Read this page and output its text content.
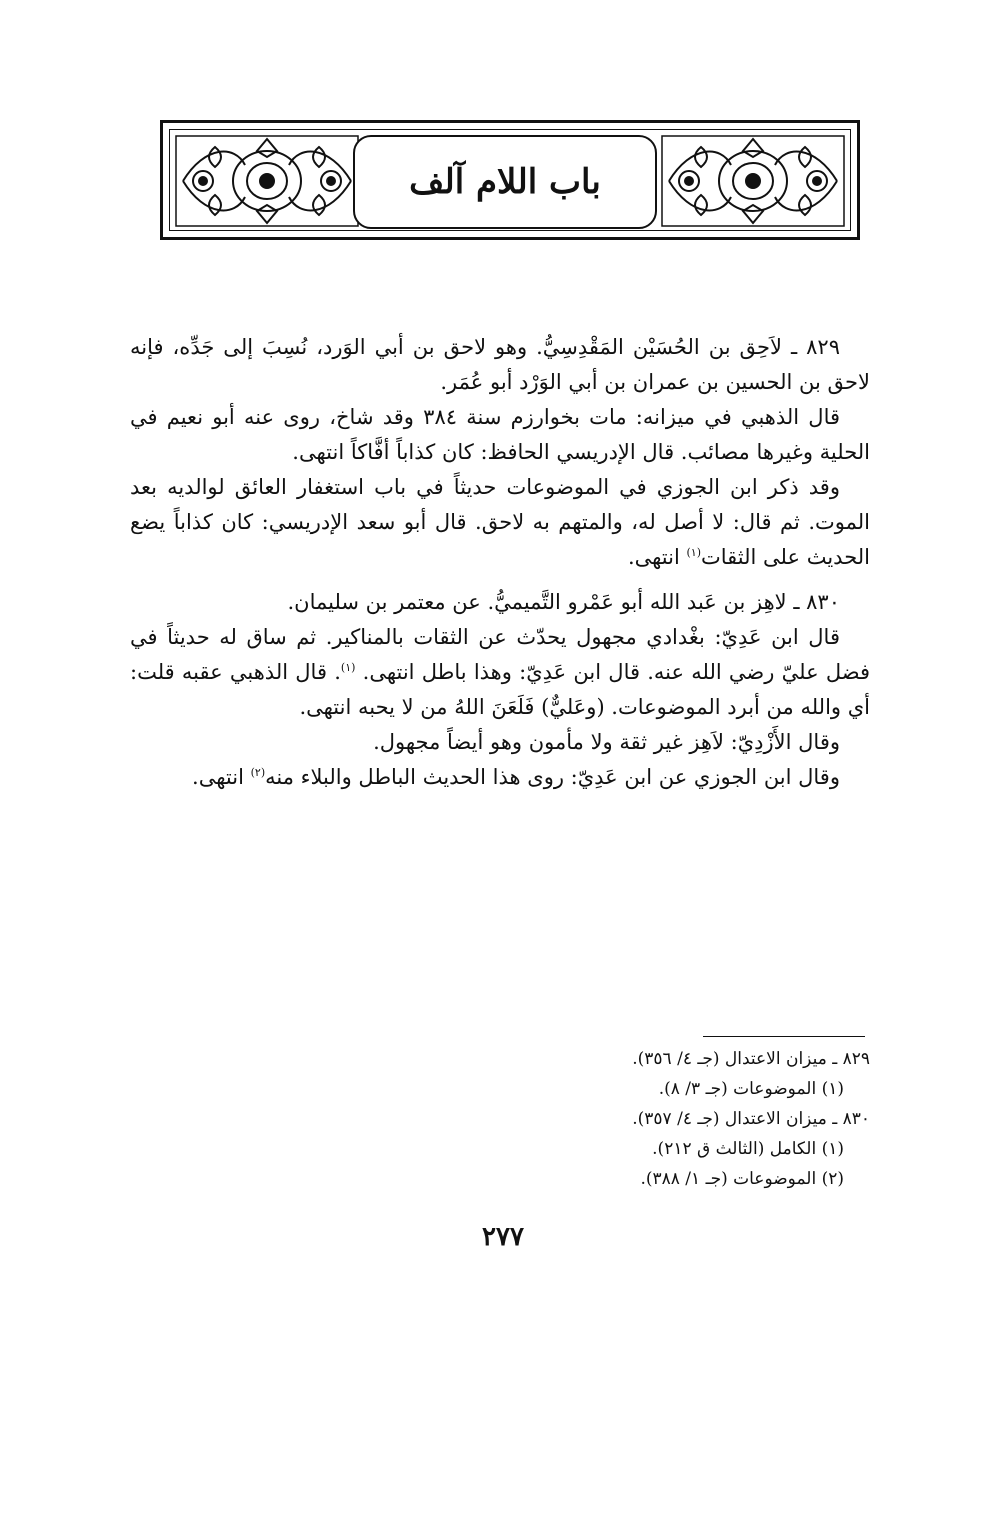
باب اللام آلف

٨٢٩ ـ لاَحِق بن الحُسَيْن المَقْدِسِيُّ. وهو لاحق بن أبي الوَرد، نُسِبَ إلى جَدِّه، فإنه لاحق بن الحسين بن عمران بن أبي الوَرْد أبو عُمَر.

قال الذهبي في ميزانه: مات بخوارزم سنة ٣٨٤ وقد شاخ، روى عنه أبو نعيم في الحلية وغيرها مصائب. قال الإدريسي الحافظ: كان كذاباً أفَّاكاً انتهى.

وقد ذكر ابن الجوزي في الموضوعات حديثاً في باب استغفار العائق لوالديه بعد الموت. ثم قال: لا أصل له، والمتهم به لاحق. قال أبو سعد الإدريسي: كان كذاباً يضع الحديث على الثقات$^{(١)}$ انتهى.

٨٣٠ ـ لاهِز بن عَبد الله أبو عَمْرو التَّميميُّ. عن معتمر بن سليمان.

قال ابن عَدِيّ: بغْدادي مجهول يحدّث عن الثقات بالمناكير. ثم ساق له حديثاً في فضل عليّ رضي الله عنه. قال ابن عَدِيّ: وهذا باطل انتهى. $^{(١)}$. قال الذهبي عقبه قلت: أي والله من أبرد الموضوعات. (وعَليٌّ) فَلَعَنَ اللهُ من لا يحبه انتهى.

وقال الأَزْدِيّ: لاَهِز غير ثقة ولا مأمون وهو أيضاً مجهول.

وقال ابن الجوزي عن ابن عَدِيّ: روى هذا الحديث الباطل والبلاء منه$^{(٢)}$ انتهى.

٨٢٩ ـ ميزان الاعتدال (جـ ٤/ ٣٥٦).
(١) الموضوعات (جـ ٣/ ٨).
٨٣٠ ـ ميزان الاعتدال (جـ ٤/ ٣٥٧).
(١) الكامل (الثالث ق ٢١٢).
(٢) الموضوعات (جـ ١/ ٣٨٨).
٢٧٧
